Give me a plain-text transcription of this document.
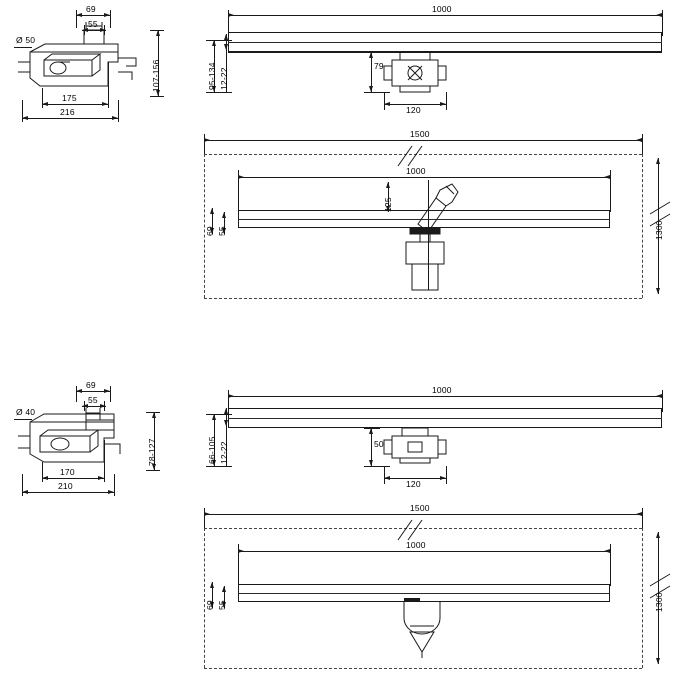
Ø 50
69
55
107-156
175
216
1000
95-134 12-22
79
120
1500
1300
1000
125
69 55
Ø 40
69
55
78-127
170
210
1000
66-105 12-22	50
120
1500
1300
1000
69 55
